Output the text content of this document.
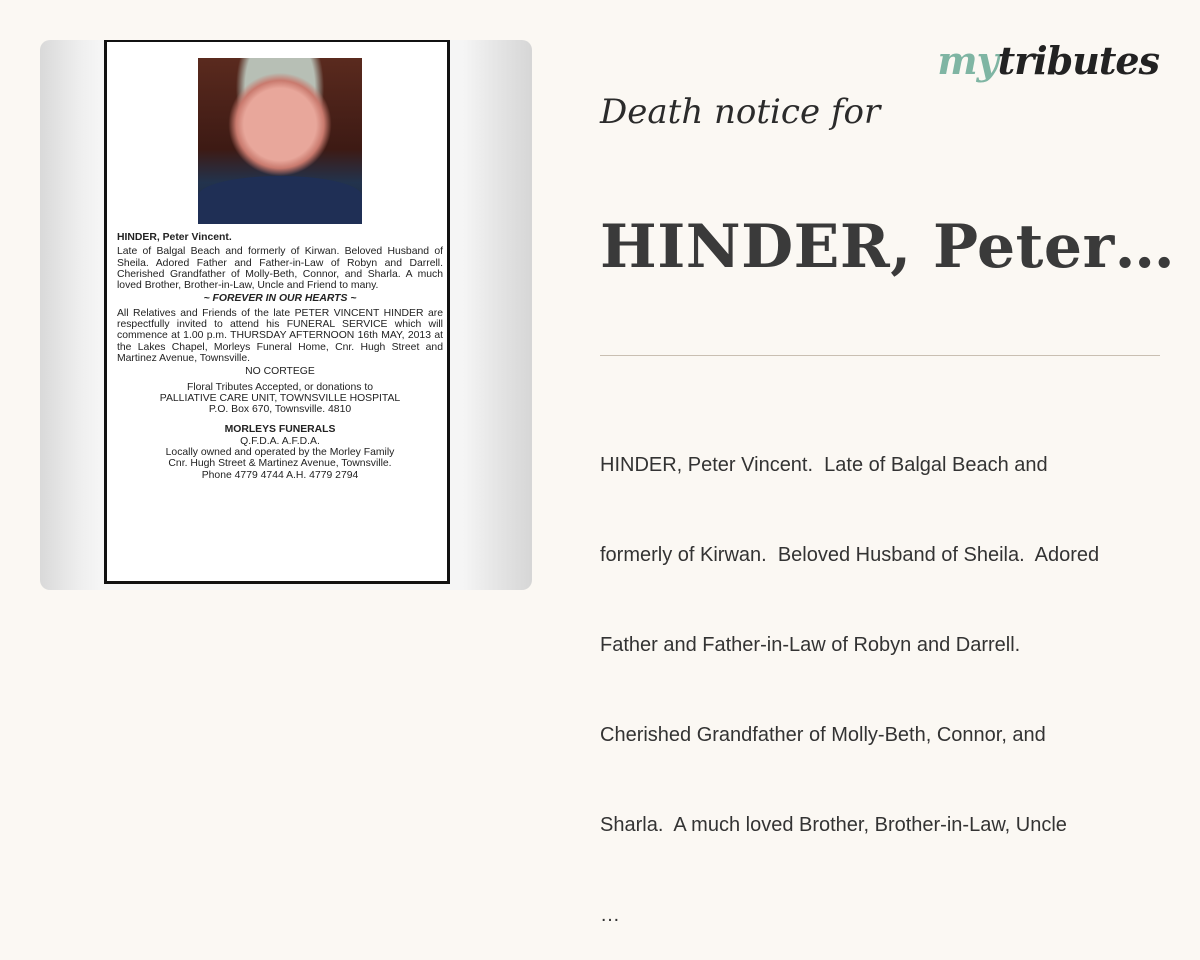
HINDER, Peter Vincent.
Late of Balgal Beach and formerly of Kirwan. Beloved Husband of Sheila. Adored Father and Father-in-Law of Robyn and Darrell. Cherished Grandfather of Molly-Beth, Connor, and Sharla. A much loved Brother, Brother-in-Law, Uncle and Friend to many.
~ FOREVER IN OUR HEARTS ~
All Relatives and Friends of the late PETER VINCENT HINDER are respectfully invited to attend his FUNERAL SERVICE which will commence at 1.00 p.m. THURSDAY AFTERNOON 16th MAY, 2013 at the Lakes Chapel, Morleys Funeral Home, Cnr. Hugh Street and Martinez Avenue, Townsville.
NO CORTEGE
Floral Tributes Accepted, or donations to
PALLIATIVE CARE UNIT, TOWNSVILLE HOSPITAL
P.O. Box 670, Townsville. 4810
MORLEYS FUNERALS
Q.F.D.A. A.F.D.A.
Locally owned and operated by the Morley Family
Cnr. Hugh Street & Martinez Avenue, Townsville.
Phone 4779 4744 A.H. 4779 2794
mytributes
Death notice for
HINDER, Peter…

HINDER, Peter Vincent.  Late of Balgal Beach and

formerly of Kirwan.  Beloved Husband of Sheila.  Adored

Father and Father-in-Law of Robyn and Darrell.

Cherished Grandfather of Molly-Beth, Connor, and

Sharla.  A much loved Brother, Brother-in-Law, Uncle

…
